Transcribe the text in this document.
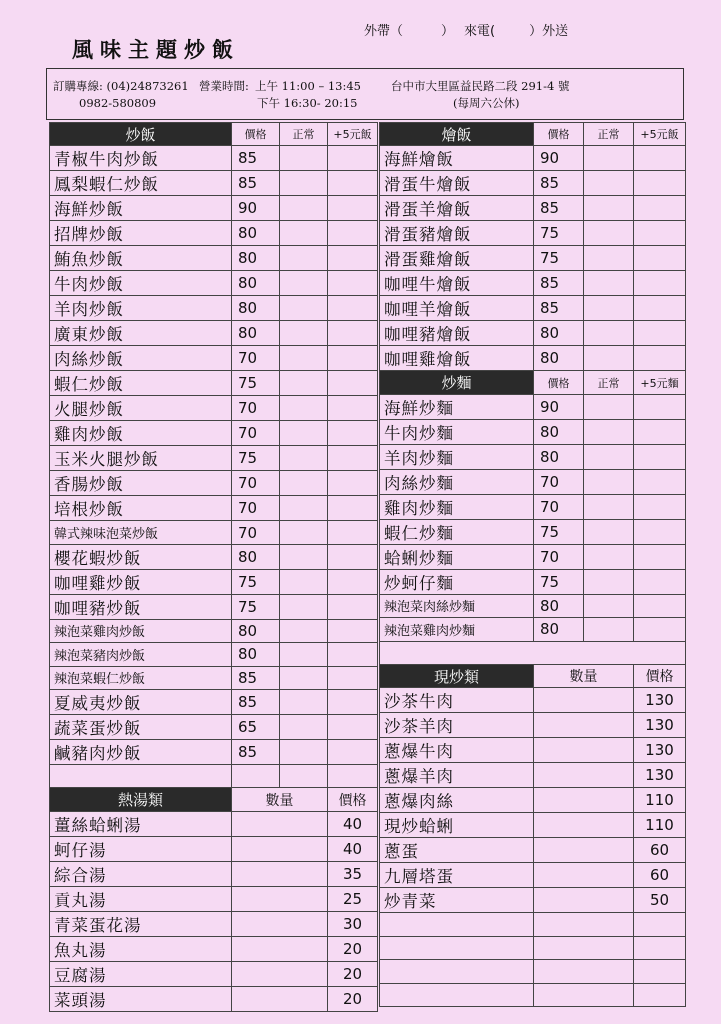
風味主題炒飯
外帶（	） 來電(	）外送
訂購專線: (04)24873261
0982-580809
營業時間: 上午 11:00 – 13:45
下午 16:30- 20:15
台中市大里區益民路二段 291-4 號
(每周六公休)
炒飯	價格	正常	+5元飯
青椒牛肉炒飯	85		
鳳梨蝦仁炒飯	85		
海鮮炒飯	90		
招牌炒飯	80		
鮪魚炒飯	80		
牛肉炒飯	80		
羊肉炒飯	80		
廣東炒飯	80		
肉絲炒飯	70		
蝦仁炒飯	75		
火腿炒飯	70		
雞肉炒飯	70		
玉米火腿炒飯	75		
香腸炒飯	70		
培根炒飯	70		
韓式辣味泡菜炒飯	70		
櫻花蝦炒飯	80		
咖哩雞炒飯	75		
咖哩豬炒飯	75		
辣泡菜雞肉炒飯	80		
辣泡菜豬肉炒飯	80		
辣泡菜蝦仁炒飯	85		
夏威夷炒飯	85		
蔬菜蛋炒飯	65		
鹹豬肉炒飯	85		

熱湯類	數量		價格
薑絲蛤蜊湯			40
蚵仔湯			40
綜合湯			35
貢丸湯			25
青菜蛋花湯			30
魚丸湯			20
豆腐湯			20
菜頭湯			20
燴飯	價格	正常	+5元飯
海鮮燴飯	90		
滑蛋牛燴飯	85		
滑蛋羊燴飯	85		
滑蛋豬燴飯	75		
滑蛋雞燴飯	75		
咖哩牛燴飯	85		
咖哩羊燴飯	85		
咖哩豬燴飯	80		
咖哩雞燴飯	80		
炒麵	價格	正常	+5元麵
海鮮炒麵	90		
牛肉炒麵	80		
羊肉炒麵	80		
肉絲炒麵	70		
雞肉炒麵	70		
蝦仁炒麵	75		
蛤蜊炒麵	70		
炒蚵仔麵	75		
辣泡菜肉絲炒麵	80		
辣泡菜雞肉炒麵	80		

現炒類	數量		價格
沙茶牛肉			130
沙茶羊肉			130
蔥爆牛肉			130
蔥爆羊肉			130
蔥爆肉絲			110
現炒蛤蜊			110
蔥蛋			60
九層塔蛋			60
炒青菜			50
